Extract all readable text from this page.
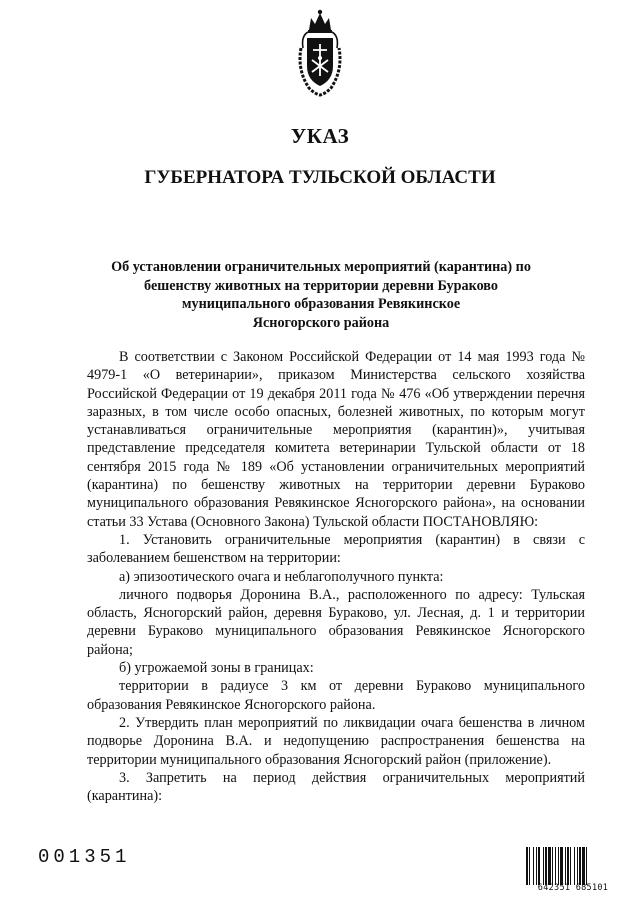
УКАЗ
ГУБЕРНАТОРА ТУЛЬСКОЙ ОБЛАСТИ
Об установлении ограничительных мероприятий (карантина) по
бешенству животных на территории деревни Бураково
муниципального образования Ревякинское
Ясногорского района

В соответствии с Законом Российской Федерации от 14 мая 1993 года № 4979-1 «О ветеринарии», приказом Министерства сельского хозяйства Российской Федерации от 19 декабря 2011 года № 476 «Об утверждении перечня заразных, в том числе особо опасных, болезней животных, по которым могут устанавливаться ограничительные мероприятия (карантин)», учитывая представление председателя комитета ветеринарии Тульской области от 18 сентября 2015 года № 189 «Об установлении ограничительных мероприятий (карантина) по бешенству животных на территории деревни Бураково муниципального образования Ревякинское Ясногорского района», на основании статьи 33 Устава (Основного Закона) Тульской области ПОСТАНОВЛЯЮ:

1. Установить ограничительные мероприятия (карантин) в связи с заболеванием бешенством на территории:

а) эпизоотического очага и неблагополучного пункта:

личного подворья Доронина В.А., расположенного по адресу: Тульская область, Ясногорский район, деревня Бураково, ул. Лесная, д. 1 и территории деревни Бураково муниципального образования Ревякинское Ясногорского района;

б) угрожаемой зоны в границах:

территории в радиусе 3 км от деревни Бураково муниципального образования Ревякинское Ясногорского района.

2. Утвердить план мероприятий по ликвидации очага бешенства в личном подворье Доронина В.А. и недопущению распространения бешенства на территории муниципального образования Ясногорский район (приложение).

3. Запретить на период действия ограничительных мероприятий (карантина):

001351
642351 685101
